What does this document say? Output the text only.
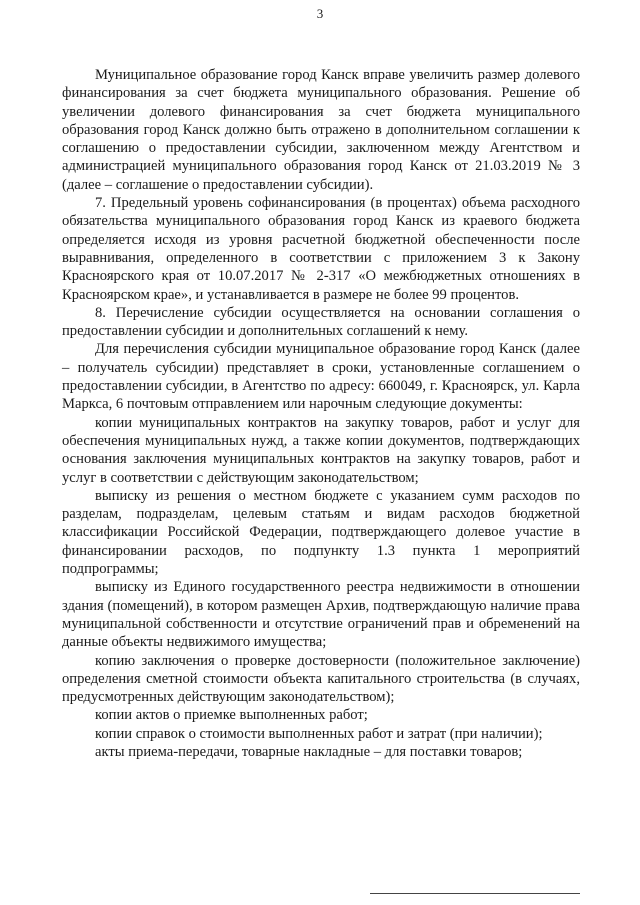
3

Муниципальное образование город Канск вправе увеличить размер долевого финансирования за счет бюджета муниципального образования. Решение об увеличении долевого финансирования за счет бюджета муниципального образования город Канск должно быть отражено в дополнительном соглашении к соглашению о предоставлении субсидии, заключенном между Агентством и администрацией муниципального образования город Канск от 21.03.2019 № 3 (далее – соглашение о предоставлении субсидии).

7. Предельный уровень софинансирования (в процентах) объема расходного обязательства муниципального образования город Канск из краевого бюджета определяется исходя из уровня расчетной бюджетной обеспеченности после выравнивания, определенного в соответствии с приложением 3 к Закону Красноярского края от 10.07.2017 № 2-317 «О межбюджетных отношениях в Красноярском крае», и устанавливается в размере не более 99 процентов.

8. Перечисление субсидии осуществляется на основании соглашения о предоставлении субсидии и дополнительных соглашений к нему.

Для перечисления субсидии муниципальное образование город Канск (далее – получатель субсидии) представляет в сроки, установленные соглашением о предоставлении субсидии, в Агентство по адресу: 660049, г. Красноярск, ул. Карла Маркса, 6 почтовым отправлением или нарочным следующие документы:

копии муниципальных контрактов на закупку товаров, работ и услуг для обеспечения муниципальных нужд, а также копии документов, подтверждающих основания заключения муниципальных контрактов на закупку товаров, работ и услуг в соответствии с действующим законодательством;

выписку из решения о местном бюджете с указанием сумм расходов по разделам, подразделам, целевым статьям и видам расходов бюджетной классификации Российской Федерации, подтверждающего долевое участие в финансировании расходов, по подпункту 1.3 пункта 1 мероприятий подпрограммы;

выписку из Единого государственного реестра недвижимости в отношении здания (помещений), в котором размещен Архив, подтверждающую наличие права муниципальной собственности и отсутствие ограничений прав и обременений на данные объекты недвижимого имущества;

копию заключения о проверке достоверности (положительное заключение) определения сметной стоимости объекта капитального строительства (в случаях, предусмотренных действующим законодательством);

копии актов о приемке выполненных работ;

копии справок о стоимости выполненных работ и затрат (при наличии);

акты приема-передачи, товарные накладные – для поставки товаров;
